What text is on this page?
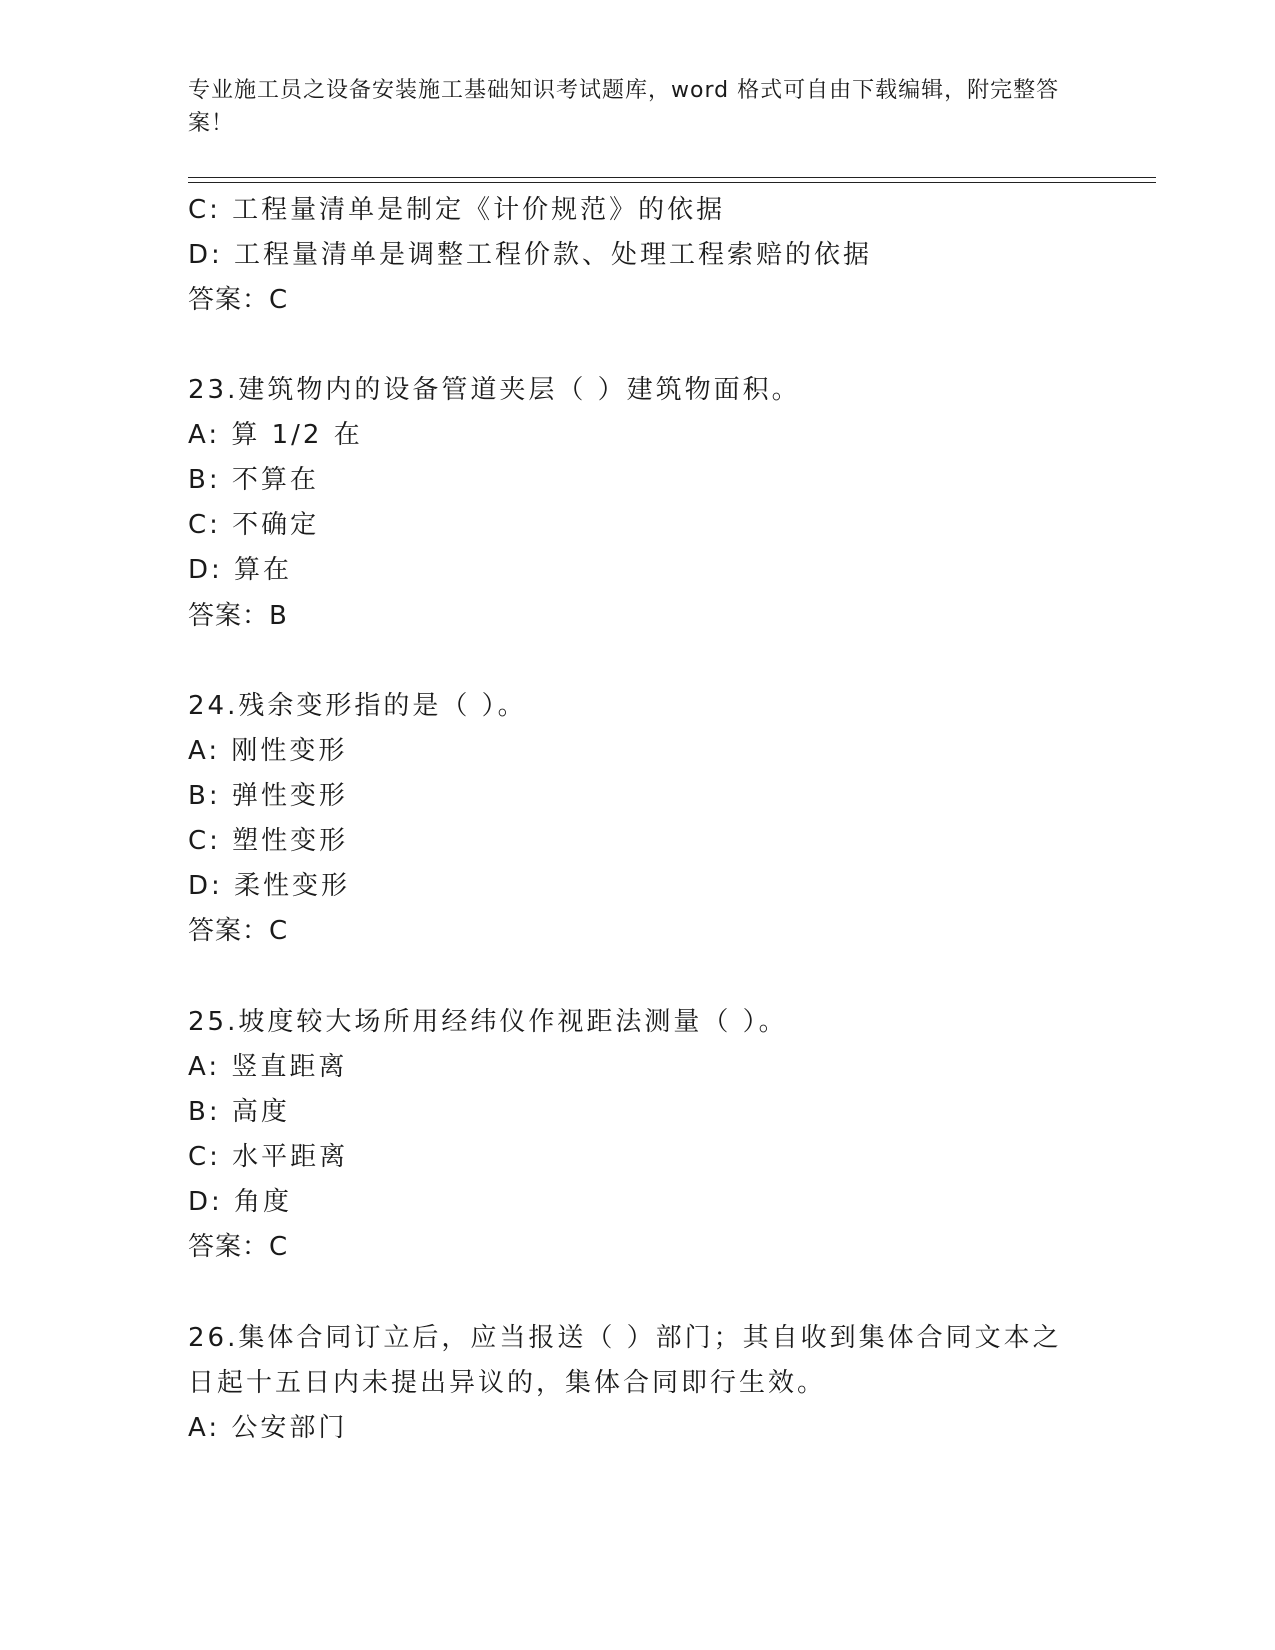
专业施工员之设备安装施工基础知识考试题库，word 格式可自由下载编辑，附完整答案！
C: 工程量清单是制定《计价规范》的依据
D: 工程量清单是调整工程价款、处理工程索赔的依据
答案：C
23.建筑物内的设备管道夹层（ ）建筑物面积。
A: 算 1/2 在
B: 不算在
C: 不确定
D: 算在
答案：B
24.残余变形指的是（ ）。
A: 刚性变形
B: 弹性变形
C: 塑性变形
D: 柔性变形
答案：C
25.坡度较大场所用经纬仪作视距法测量（ ）。
A: 竖直距离
B: 高度
C: 水平距离
D: 角度
答案：C
26.集体合同订立后，应当报送（ ）部门；其自收到集体合同文本之
日起十五日内未提出异议的，集体合同即行生效。
A: 公安部门
